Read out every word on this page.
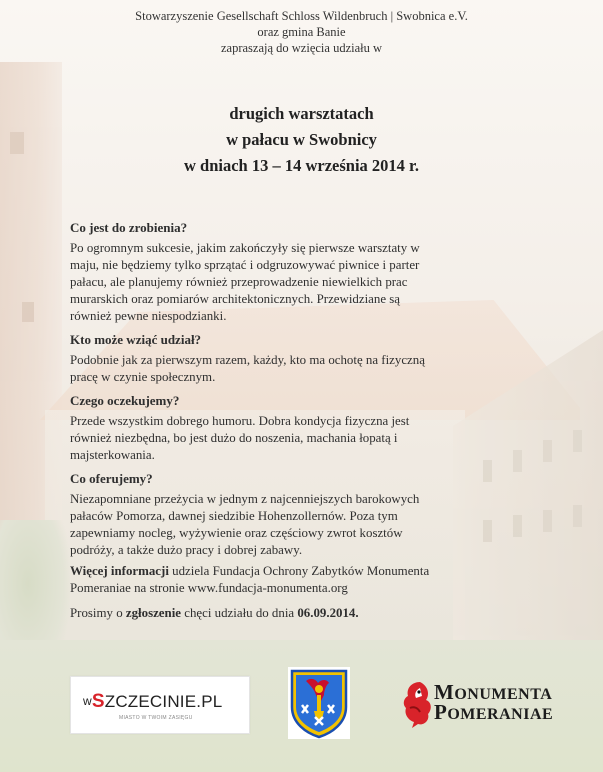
Stowarzyszenie Gesellschaft Schloss Wildenbruch | Swobnica e.V.
oraz gmina Banie
zapraszają do wzięcia udziału w
drugich warsztatach
w pałacu w Swobnicy
w dniach 13 – 14 września 2014 r.
Co jest do zrobienia?
Po ogromnym sukcesie, jakim zakończyły się pierwsze warsztaty w
maju, nie będziemy tylko sprzątać i odgruzowywać piwnice i parter
pałacu, ale planujemy również przeprowadzenie niewielkich prac
murarskich oraz pomiarów architektonicznych. Przewidziane są
również pewne niespodzianki.
Kto może wziąć udział?
Podobnie jak za pierwszym razem, każdy, kto ma ochotę na fizyczną
pracę w czynie społecznym.
Czego oczekujemy?
Przede wszystkim dobrego humoru. Dobra kondycja fizyczna jest
również niezbędna, bo jest dużo do noszenia, machania łopatą i
majsterkowania.
Co oferujemy?
Niezapomniane przeżycia w jednym z najcenniejszych barokowych
pałaców Pomorza, dawnej siedzibie Hohenzollernów. Poza tym
zapewniamy nocleg, wyżywienie oraz częściowy zwrot kosztów
podróży, a także dużo pracy i dobrej zabawy.
Więcej informacji udziela Fundacja Ochrony Zabytków Monumenta
Pomeraniae na stronie www.fundacja-monumenta.org
Prosimy o zgłoszenie chęci udziału do dnia 06.09.2014.
wSZCZECINIE.PL
MIASTO W TWOIM ZASIĘGU
MONUMENTA
POMERANIAE
